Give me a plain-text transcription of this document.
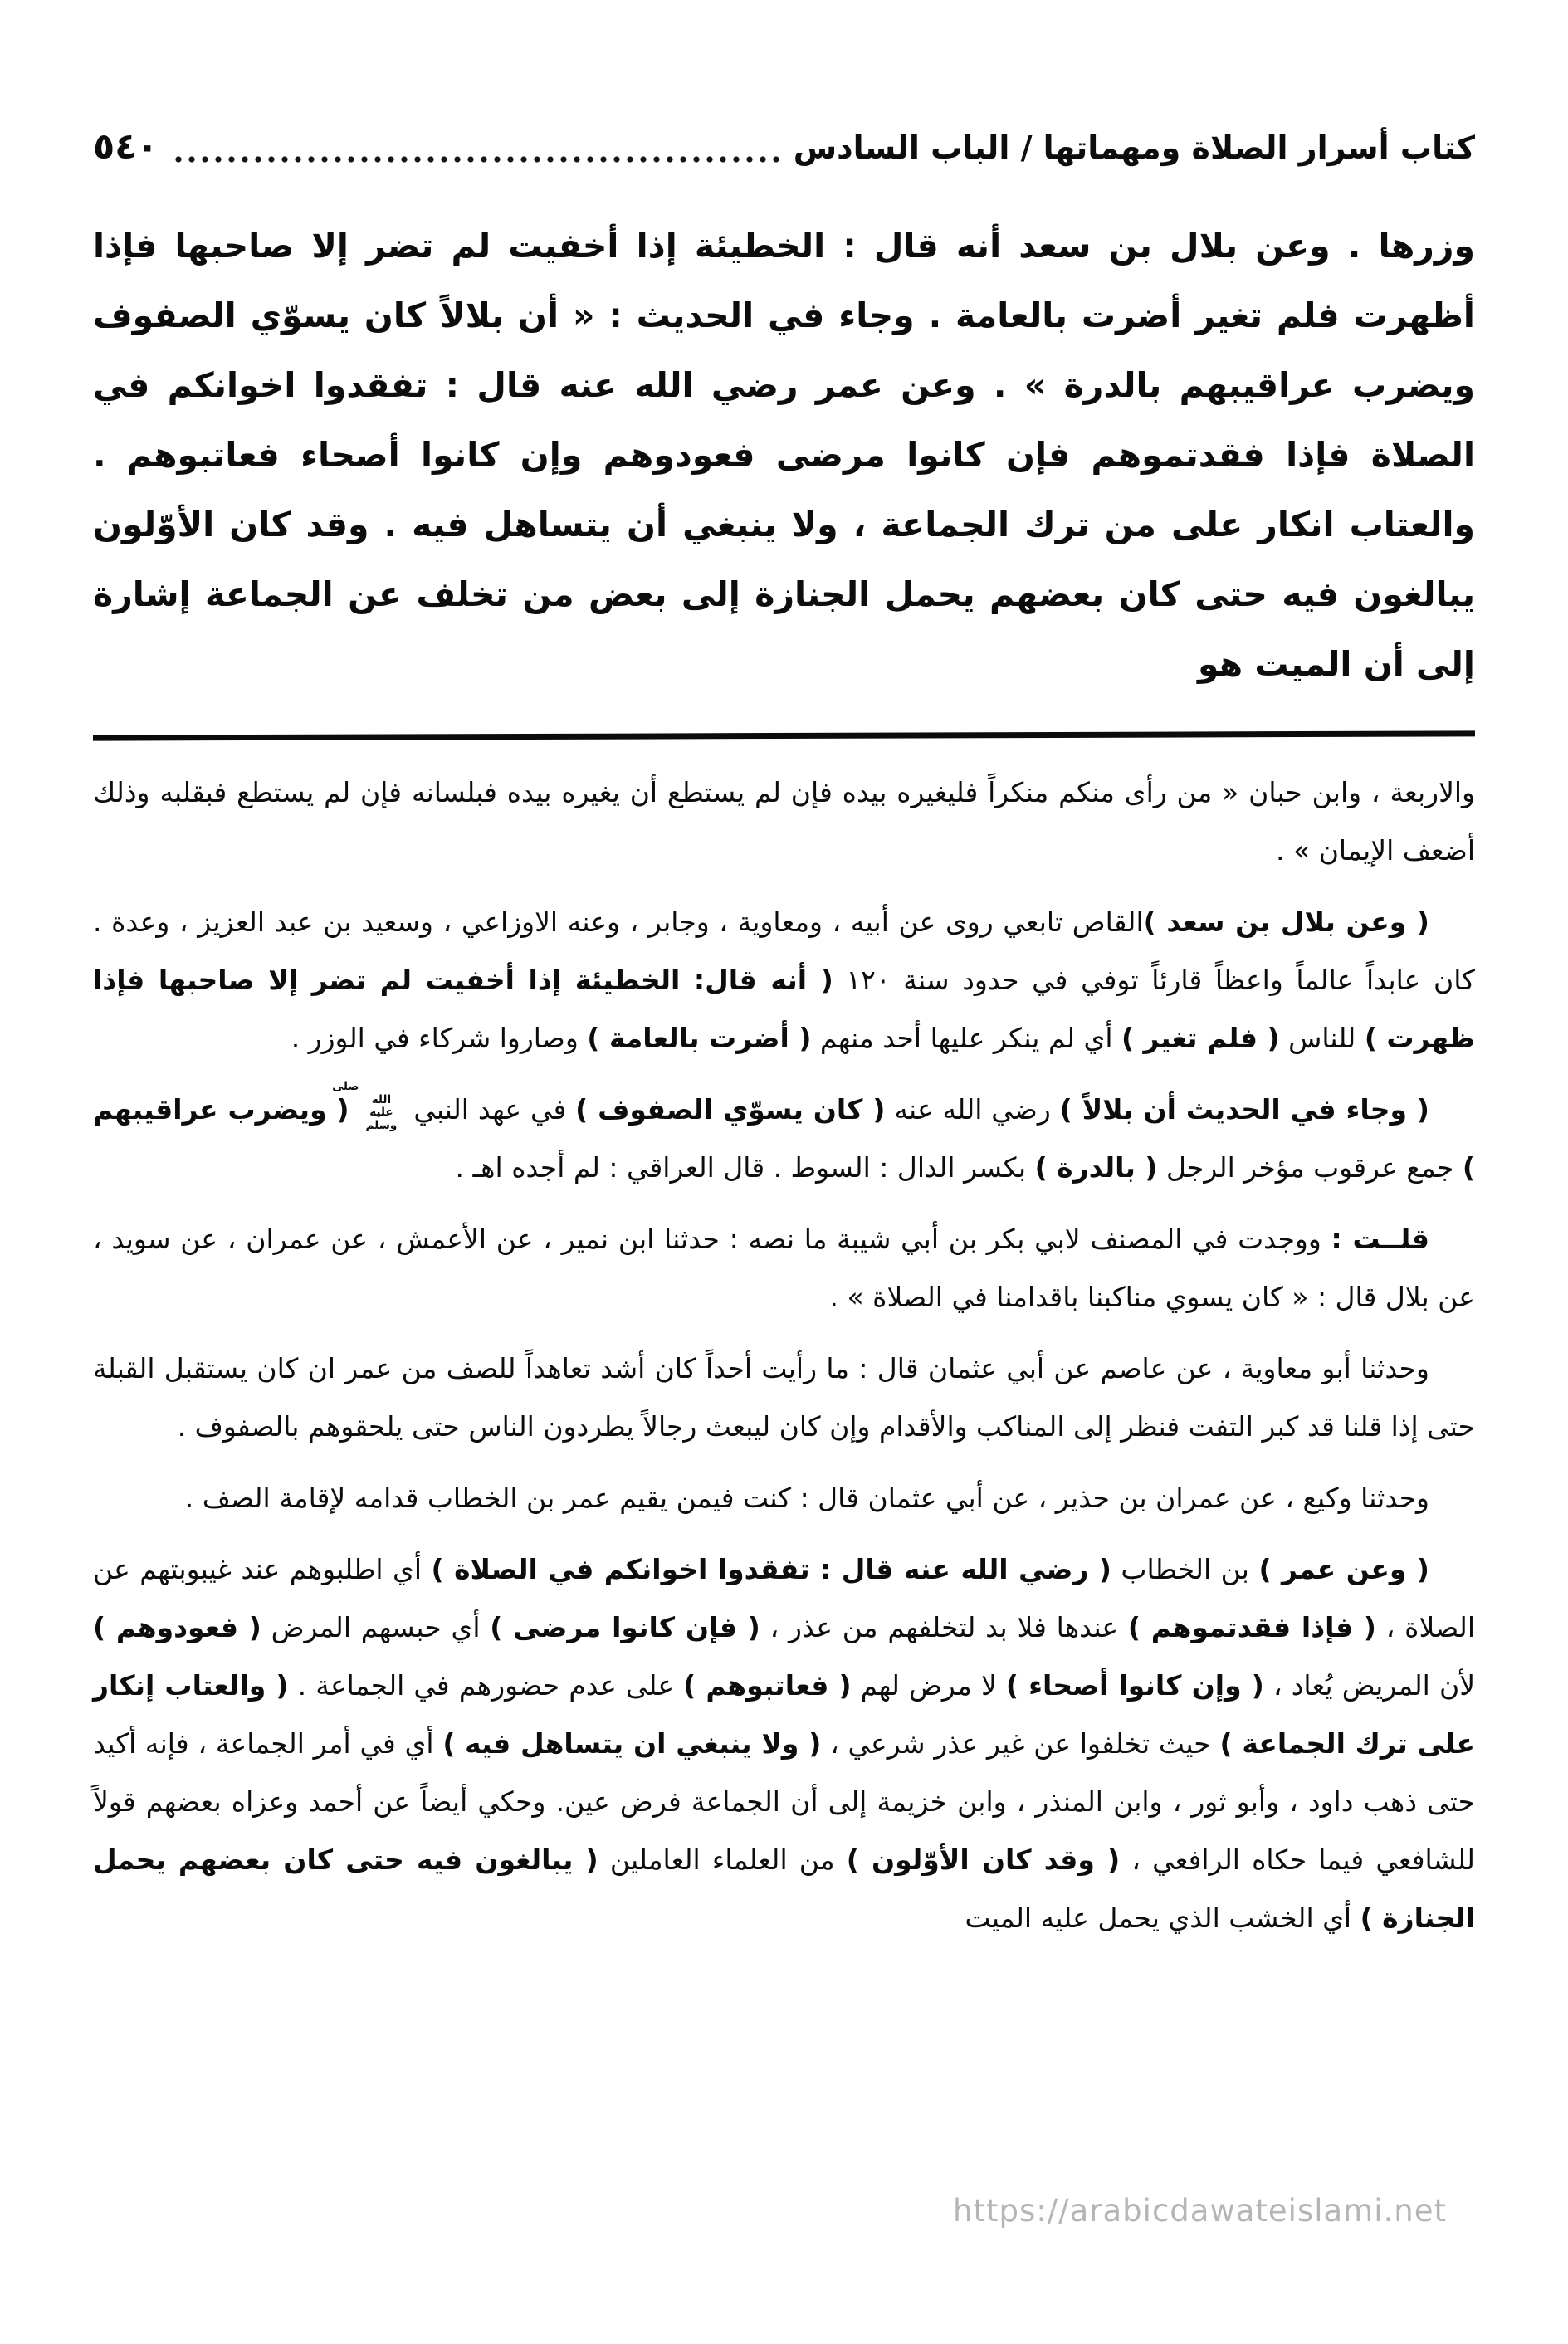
كتاب أسرار الصلاة ومهماتها / الباب السادس
٥٤٠

وزرها . وعن بلال بن سعد أنه قال : الخطيئة إذا أخفيت لم تضر إلا صاحبها فإذا أظهرت فلم تغير أضرت بالعامة . وجاء في الحديث : « أن بلالاً كان يسوّي الصفوف ويضرب عراقيبهم بالدرة » . وعن عمر رضي الله عنه قال : تفقدوا اخوانكم في الصلاة فإذا فقدتموهم فإن كانوا مرضى فعودوهم وإن كانوا أصحاء فعاتبوهم . والعتاب انكار على من ترك الجماعة ، ولا ينبغي أن يتساهل فيه . وقد كان الأوّلون يبالغون فيه حتى كان بعضهم يحمل الجنازة إلى بعض من تخلف عن الجماعة إشارة إلى أن الميت هو

والاربعة ، وابن حبان « من رأى منكم منكراً فليغيره بيده فإن لم يستطع أن يغيره بيده فبلسانه فإن لم يستطع فبقلبه وذلك أضعف الإيمان » .

( وعن بلال بن سعد )القاص تابعي روى عن أبيه ، ومعاوية ، وجابر ، وعنه الاوزاعي ، وسعيد بن عبد العزيز ، وعدة . كان عابداً عالماً واعظاً قارئاً توفي في حدود سنة ١٢٠ ( أنه قال: الخطيئة إذا أخفيت لم تضر إلا صاحبها فإذا ظهرت ) للناس ( فلم تغير ) أي لم ينكر عليها أحد منهم ( أضرت بالعامة ) وصاروا شركاء في الوزر .

( وجاء في الحديث أن بلالاً ) رضي الله عنه ( كان يسوّي الصفوف ) في عهد النبي صلى الله عليه وسلم ( ويضرب عراقيبهم ) جمع عرقوب مؤخر الرجل ( بالدرة ) بكسر الدال : السوط . قال العراقي : لم أجده اهـ .

قلــت : ووجدت في المصنف لابي بكر بن أبي شيبة ما نصه : حدثنا ابن نمير ، عن الأعمش ، عن عمران ، عن سويد ، عن بلال قال : « كان يسوي مناكبنا باقدامنا في الصلاة » .

وحدثنا أبو معاوية ، عن عاصم عن أبي عثمان قال : ما رأيت أحداً كان أشد تعاهداً للصف من عمر ان كان يستقبل القبلة حتى إذا قلنا قد كبر التفت فنظر إلى المناكب والأقدام وإن كان ليبعث رجالاً يطردون الناس حتى يلحقوهم بالصفوف .

وحدثنا وكيع ، عن عمران بن حذير ، عن أبي عثمان قال : كنت فيمن يقيم عمر بن الخطاب قدامه لإقامة الصف .

( وعن عمر ) بن الخطاب ( رضي الله عنه قال : تفقدوا اخوانكم في الصلاة ) أي اطلبوهم عند غيبوبتهم عن الصلاة ، ( فإذا فقدتموهم ) عندها فلا بد لتخلفهم من عذر ، ( فإن كانوا مرضى ) أي حبسهم المرض ( فعودوهم ) لأن المريض يُعاد ، ( وإن كانوا أصحاء ) لا مرض لهم ( فعاتبوهم ) على عدم حضورهم في الجماعة . ( والعتاب إنكار على ترك الجماعة ) حيث تخلفوا عن غير عذر شرعي ، ( ولا ينبغي ان يتساهل فيه ) أي في أمر الجماعة ، فإنه أكيد حتى ذهب داود ، وأبو ثور ، وابن المنذر ، وابن خزيمة إلى أن الجماعة فرض عين. وحكي أيضاً عن أحمد وعزاه بعضهم قولاً للشافعي فيما حكاه الرافعي ، ( وقد كان الأوّلون ) من العلماء العاملين ( يبالغون فيه حتى كان بعضهم يحمل الجنازة ) أي الخشب الذي يحمل عليه الميت

https://arabicdawateislami.net
